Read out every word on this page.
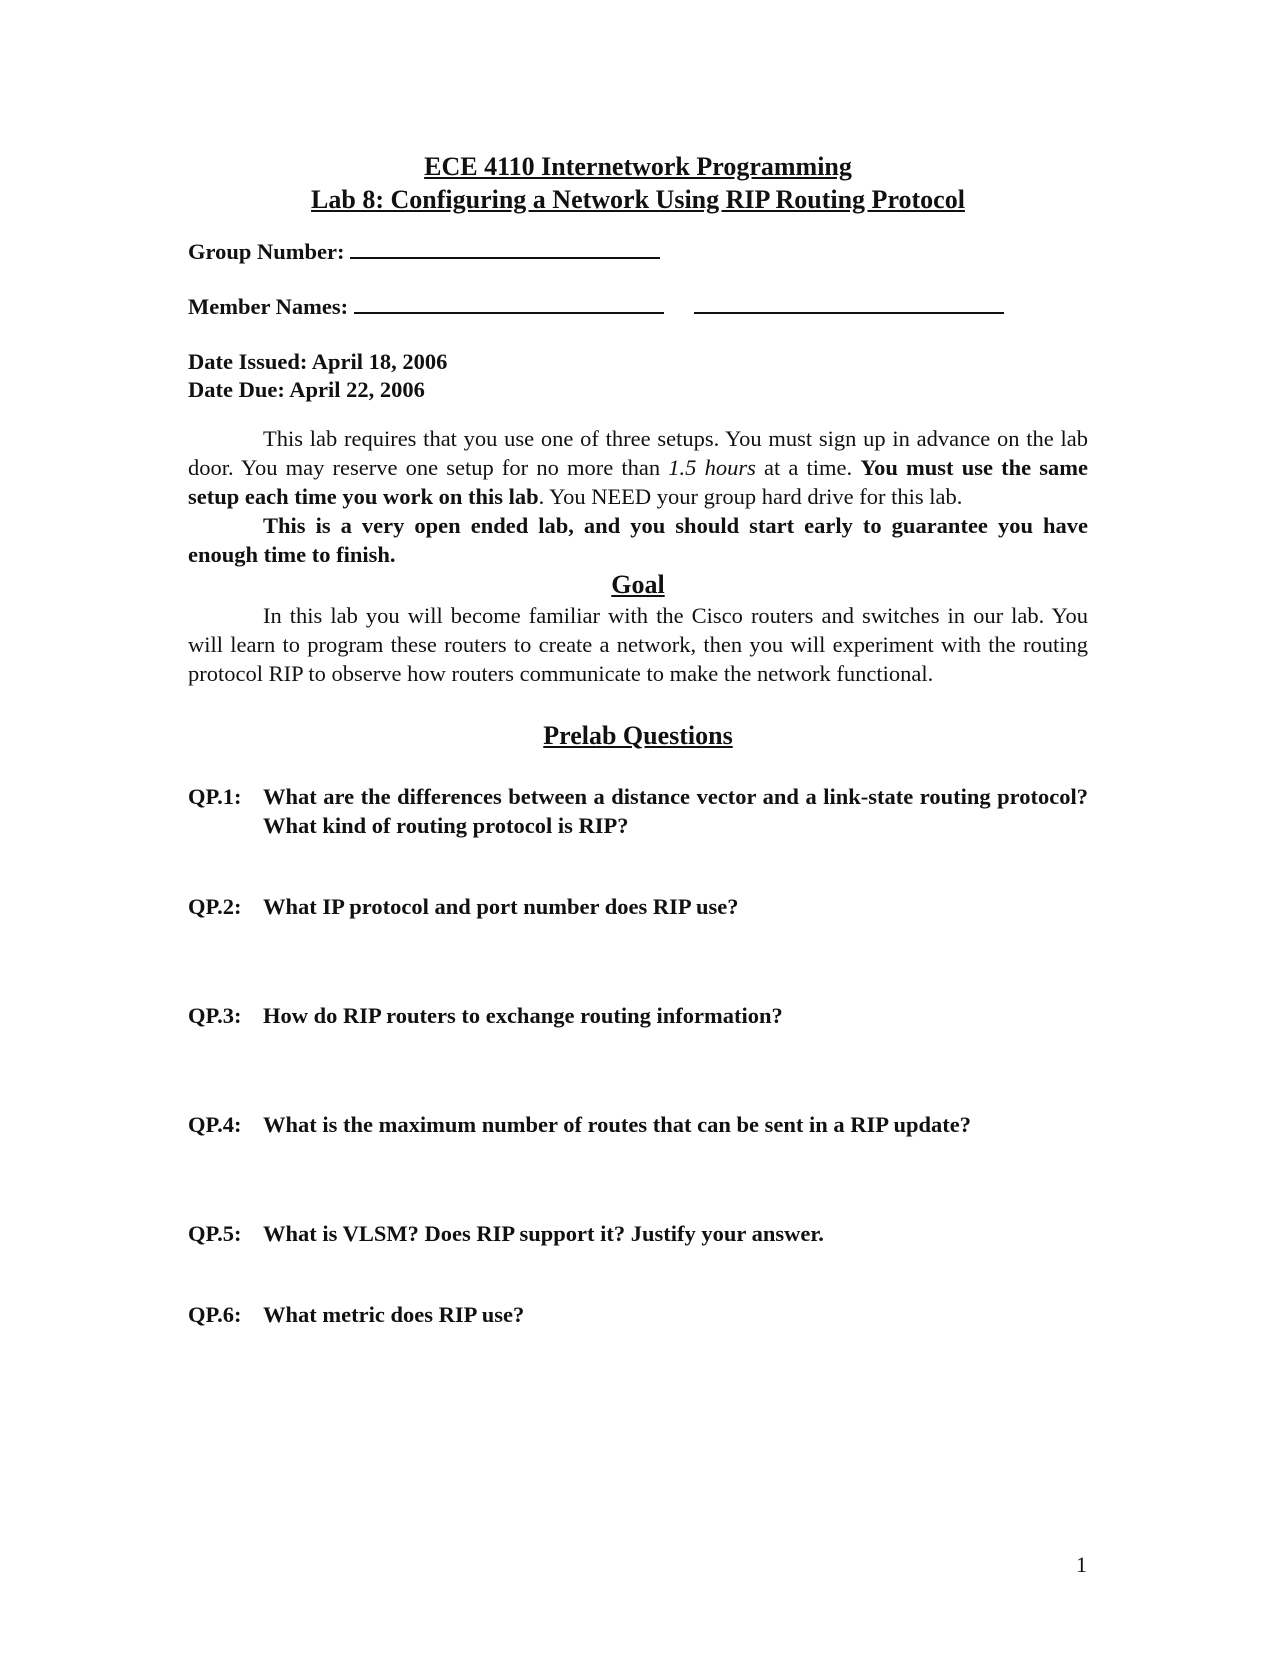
ECE 4110 Internetwork Programming
Lab 8: Configuring a Network Using RIP Routing Protocol
Group Number:
Member Names:
Date Issued: April 18, 2006
Date Due: April 22, 2006

This lab requires that you use one of three setups. You must sign up in advance on the lab door. You may reserve one setup for no more than 1.5 hours at a time. You must use the same setup each time you work on this lab. You NEED your group hard drive for this lab.

This is a very open ended lab, and you should start early to guarantee you have enough time to finish.

Goal

In this lab you will become familiar with the Cisco routers and switches in our lab. You will learn to program these routers to create a network, then you will experiment with the routing protocol RIP to observe how routers communicate to make the network functional.

Prelab Questions
QP.1: What are the differences between a distance vector and a link-state routing protocol? What kind of routing protocol is RIP?
QP.2: What IP protocol and port number does RIP use?
QP.3: How do RIP routers to exchange routing information?
QP.4: What is the maximum number of routes that can be sent in a RIP update?
QP.5: What is VLSM? Does RIP support it? Justify your answer.
QP.6: What metric does RIP use?
1
